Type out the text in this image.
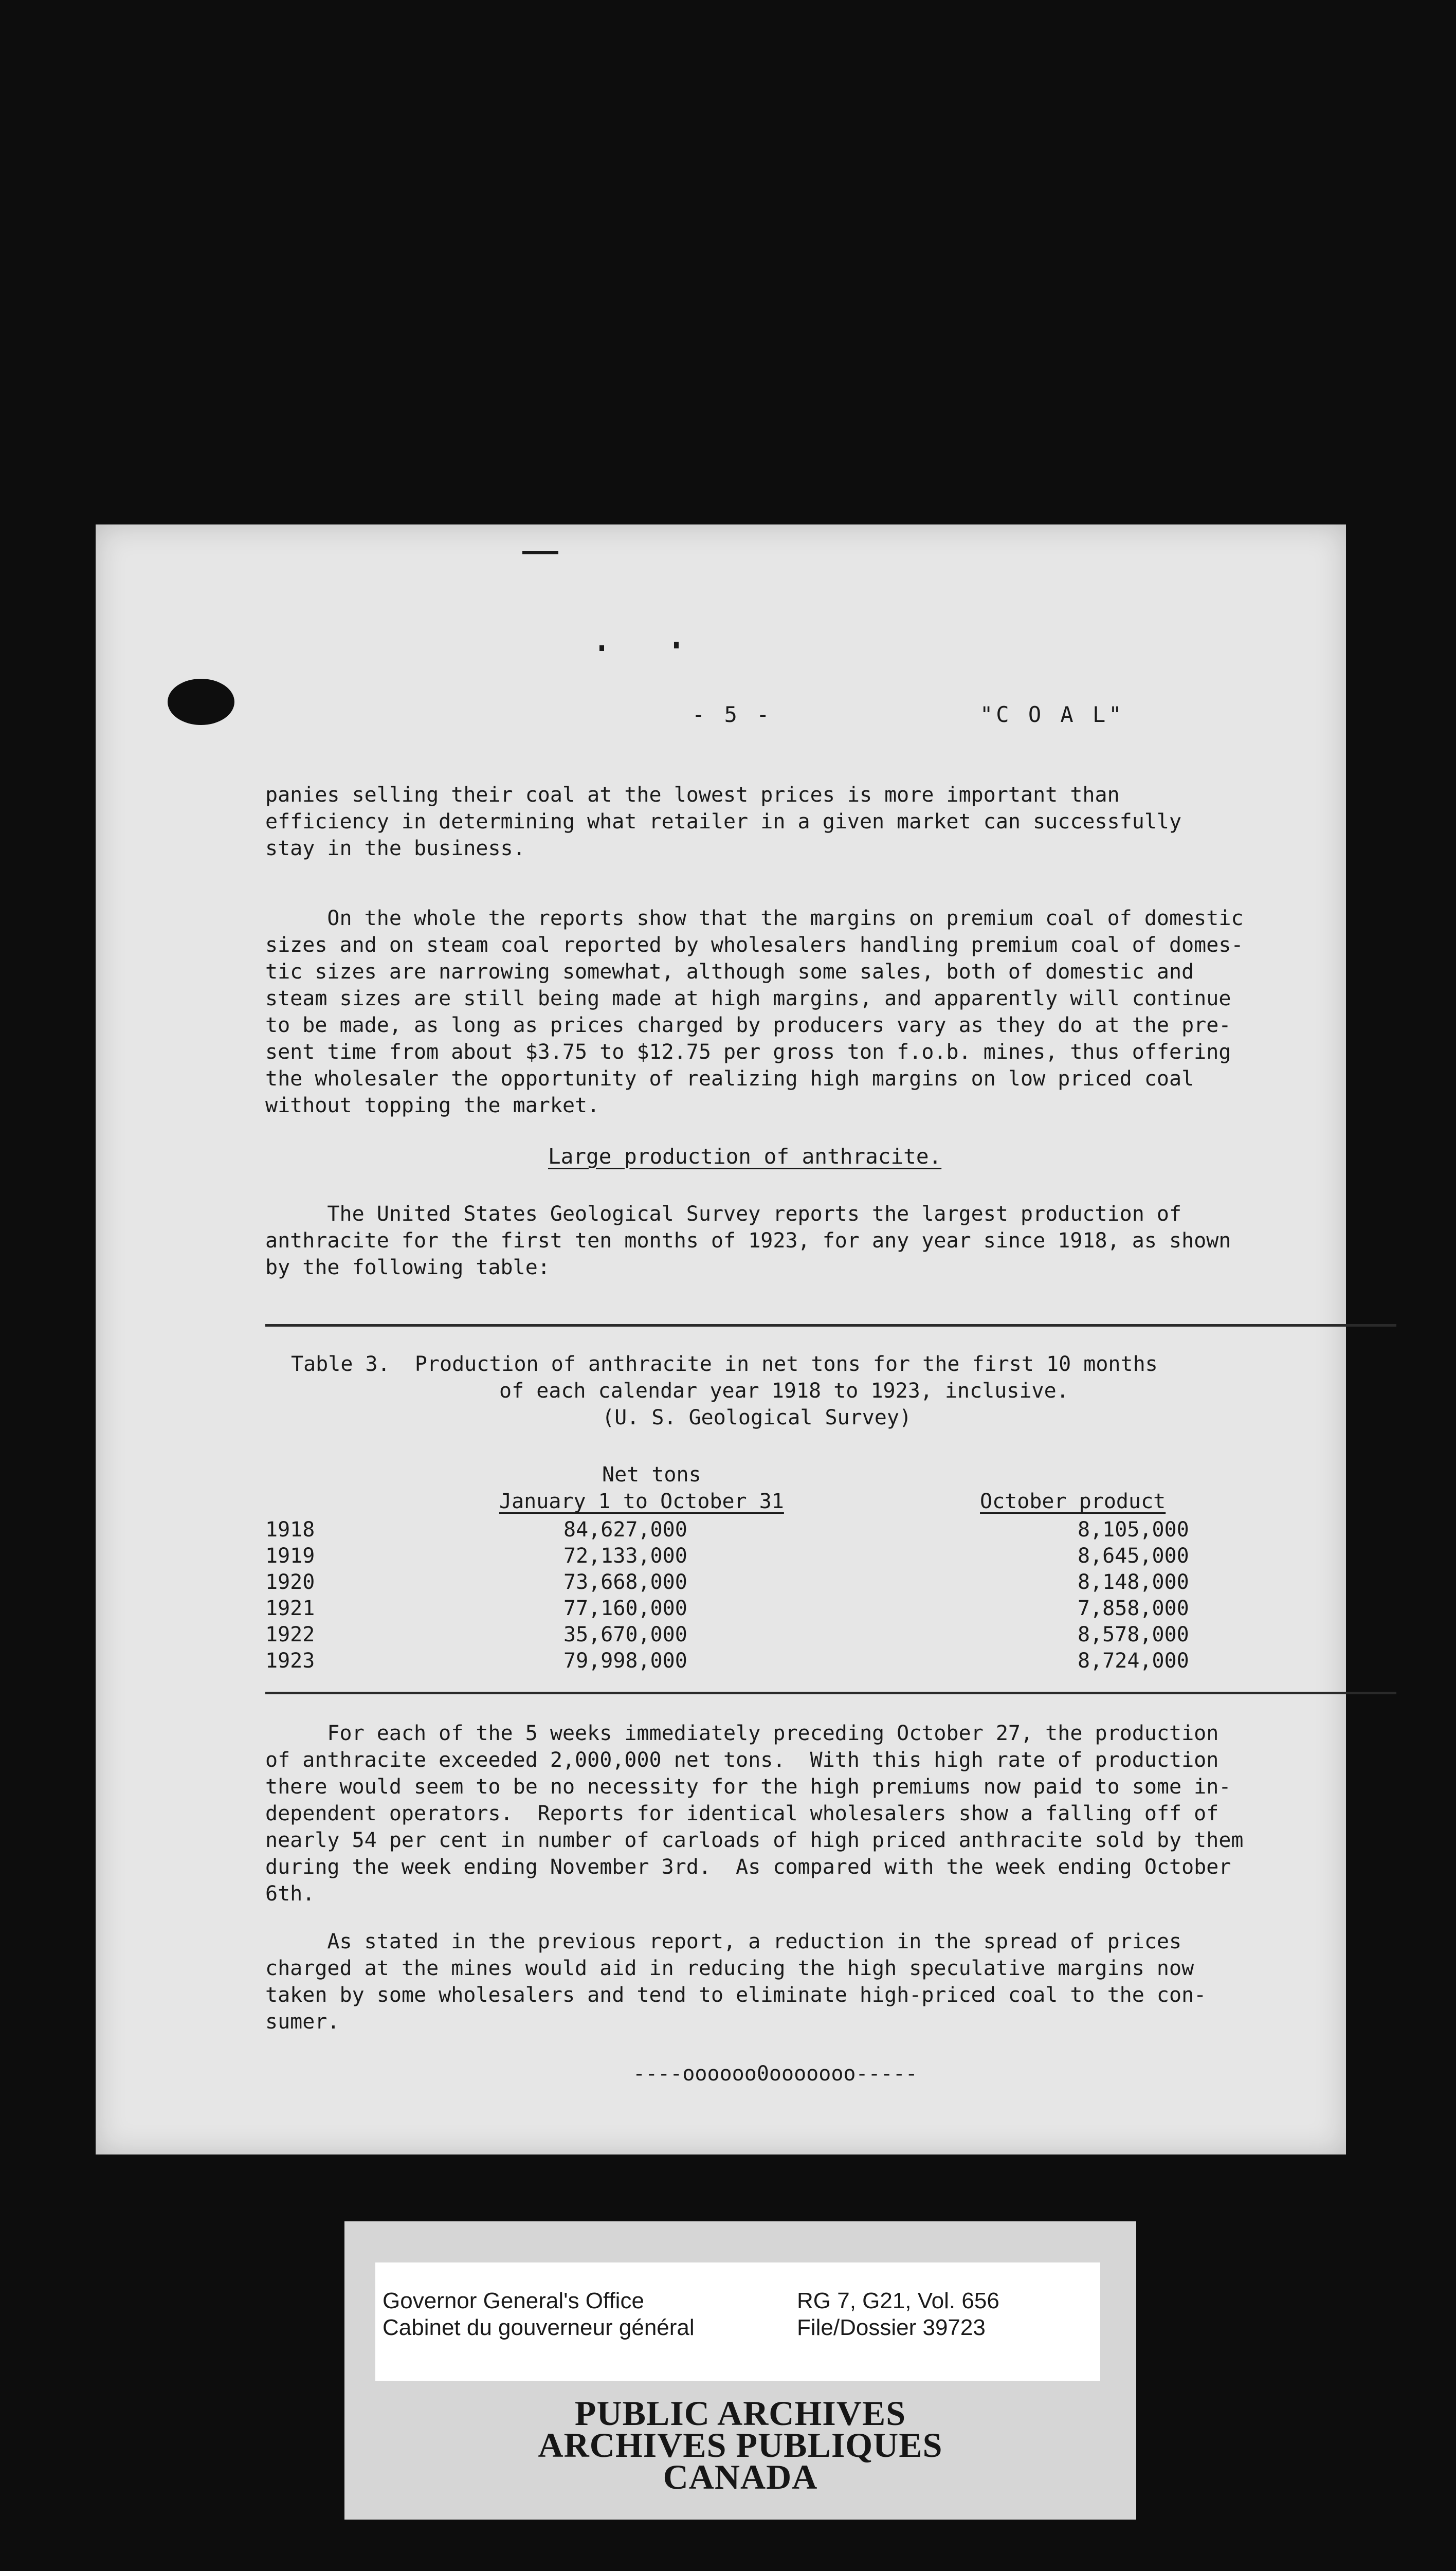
- 5 -	"C O A L"

panies selling their coal at the lowest prices is more important than
efficiency in determining what retailer in a given market can successfully
stay in the business.

On the whole the reports show that the margins on premium coal of domestic
sizes and on steam coal reported by wholesalers handling premium coal of domes-
tic sizes are narrowing somewhat, although some sales, both of domestic and
steam sizes are still being made at high margins, and apparently will continue
to be made, as long as prices charged by producers vary as they do at the pre-
sent time from about $3.75 to $12.75 per gross ton f.o.b. mines, thus offering
the wholesaler the opportunity of realizing high margins on low priced coal
without topping the market.

Large production of anthracite.

The United States Geological Survey reports the largest production of
anthracite for the first ten months of 1923, for any year since 1918, as shown
by the following table:

Table 3.  Production of anthracite in net tons for the first 10 months
of each calendar year 1918 to 1923, inclusive.
(U. S. Geological Survey)
Net tons
January 1 to October 31	October product
1918	84,627,000	8,105,000
1919	72,133,000	8,645,000
1920	73,668,000	8,148,000
1921	77,160,000	7,858,000
1922	35,670,000	8,578,000
1923	79,998,000	8,724,000

For each of the 5 weeks immediately preceding October 27, the production
of anthracite exceeded 2,000,000 net tons.  With this high rate of production
there would seem to be no necessity for the high premiums now paid to some in-
dependent operators.  Reports for identical wholesalers show a falling off of
nearly 54 per cent in number of carloads of high priced anthracite sold by them
during the week ending November 3rd.  As compared with the week ending October
6th.

As stated in the previous report, a reduction in the spread of prices
charged at the mines would aid in reducing the high speculative margins now
taken by some wholesalers and tend to eliminate high-priced coal to the con-
sumer.

----oooooo0ooooooo-----
Governor General's Office
Cabinet du gouverneur général
RG 7, G21, Vol. 656
File/Dossier 39723
PUBLIC ARCHIVES
ARCHIVES PUBLIQUES
CANADA
